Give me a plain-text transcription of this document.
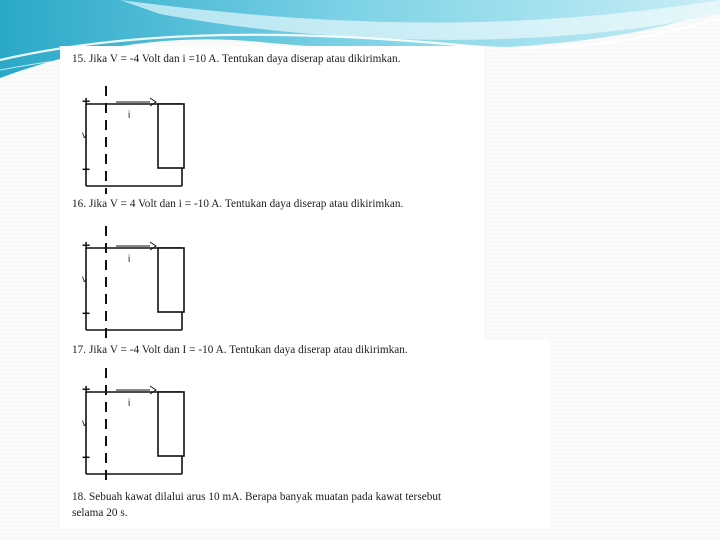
15. Jika V = -4 Volt dan i =10 A. Tentukan daya diserap atau dikirimkan.
i
+
v
−
16. Jika V = 4 Volt dan i = -10 A. Tentukan daya diserap atau dikirimkan.
i
+
v
−
17. Jika V = -4 Volt dan I = -10 A. Tentukan daya diserap atau dikirimkan.
i
+
v
−
18. Sebuah kawat dilalui arus 10 mA. Berapa banyak muatan pada kawat tersebut
selama 20 s.
